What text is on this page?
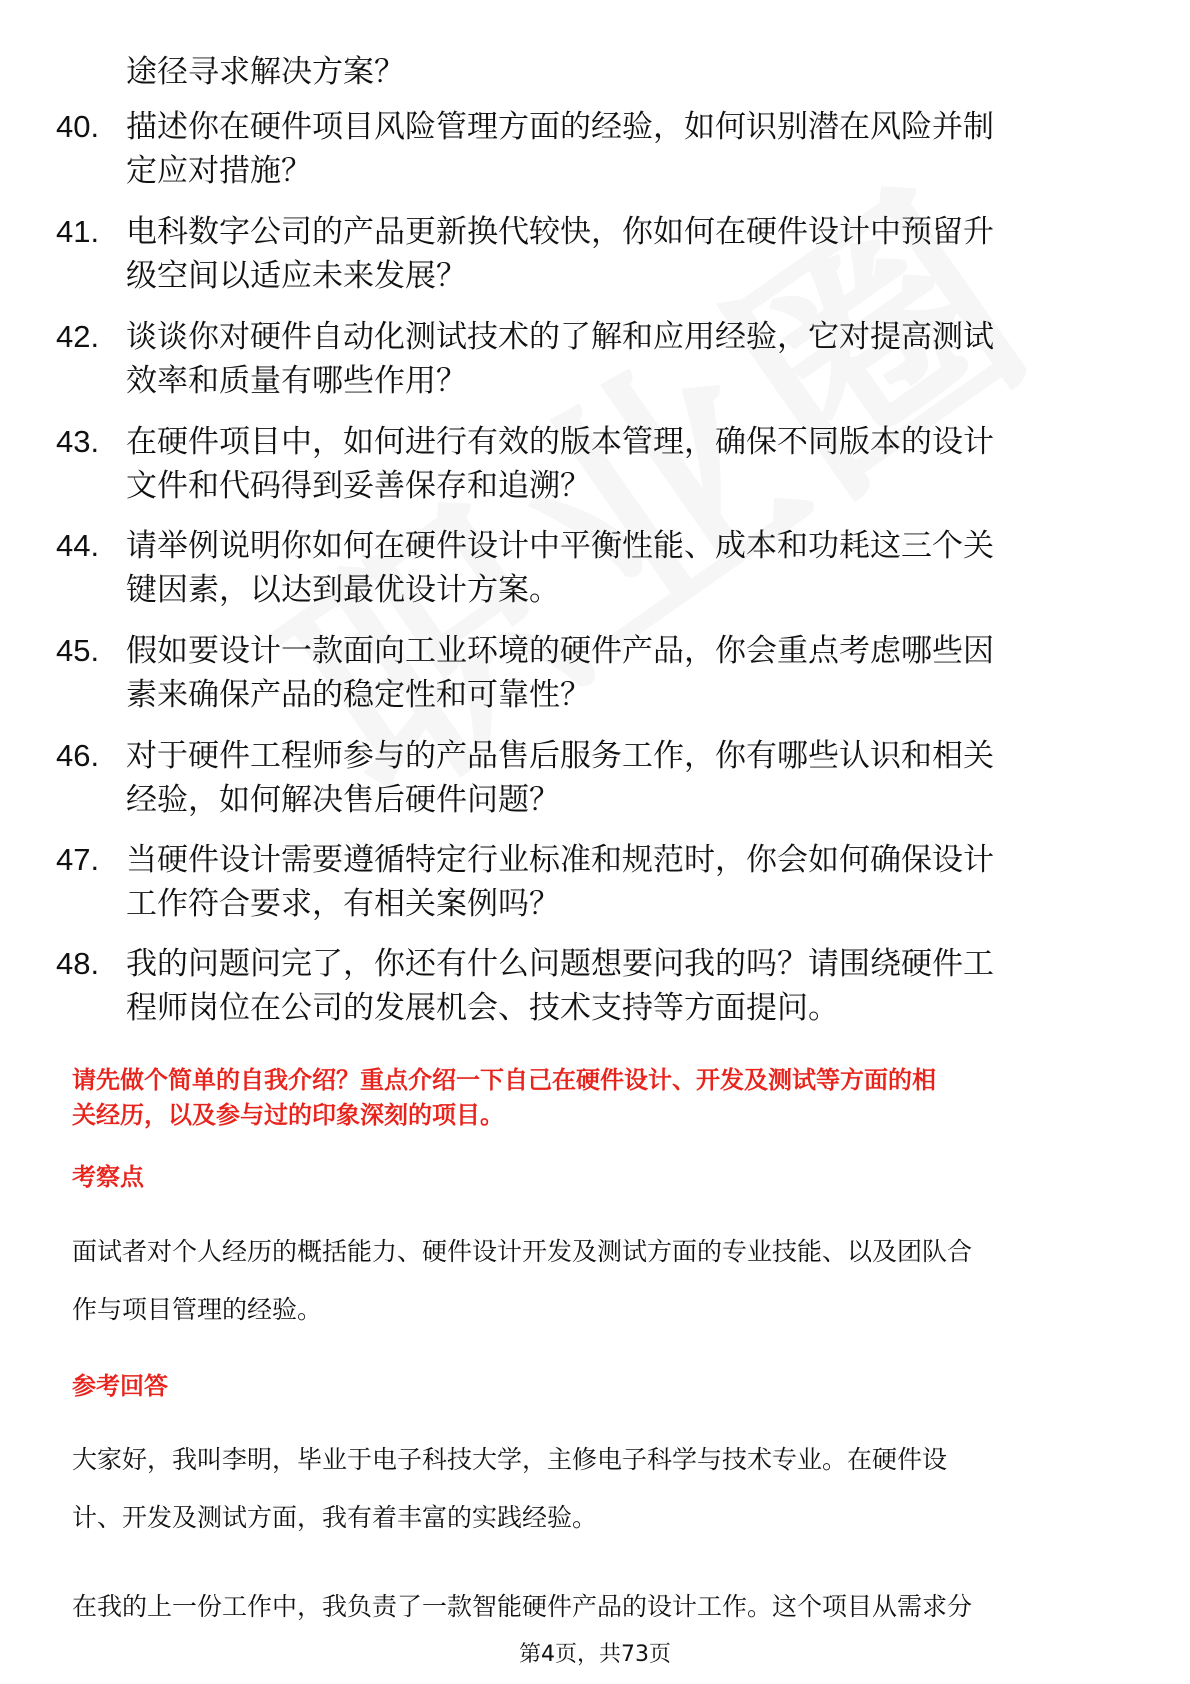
途径寻求解决方案？
40. 描述你在硬件项目风险管理方面的经验，如何识别潜在风险并制
定应对措施？
41. 电科数字公司的产品更新换代较快，你如何在硬件设计中预留升
级空间以适应未来发展？
42. 谈谈你对硬件自动化测试技术的了解和应用经验，它对提高测试
效率和质量有哪些作用？
43. 在硬件项目中，如何进行有效的版本管理，确保不同版本的设计
文件和代码得到妥善保存和追溯？
44. 请举例说明你如何在硬件设计中平衡性能、成本和功耗这三个关
键因素，以达到最优设计方案。
45. 假如要设计一款面向工业环境的硬件产品，你会重点考虑哪些因
素来确保产品的稳定性和可靠性？
46. 对于硬件工程师参与的产品售后服务工作，你有哪些认识和相关
经验，如何解决售后硬件问题？
47. 当硬件设计需要遵循特定行业标准和规范时，你会如何确保设计
工作符合要求，有相关案例吗？
48. 我的问题问完了，你还有什么问题想要问我的吗？请围绕硬件工
程师岗位在公司的发展机会、技术支持等方面提问。
请先做个简单的自我介绍？重点介绍一下自己在硬件设计、开发及测试等方面的相
关经历，以及参与过的印象深刻的项目。
考察点
面试者对个人经历的概括能力、硬件设计开发及测试方面的专业技能、以及团队合
作与项目管理的经验。
参考回答
大家好，我叫李明，毕业于电子科技大学，主修电子科学与技术专业。在硬件设
计、开发及测试方面，我有着丰富的实践经验。
在我的上一份工作中，我负责了一款智能硬件产品的设计工作。这个项目从需求分
第4页，共73页
